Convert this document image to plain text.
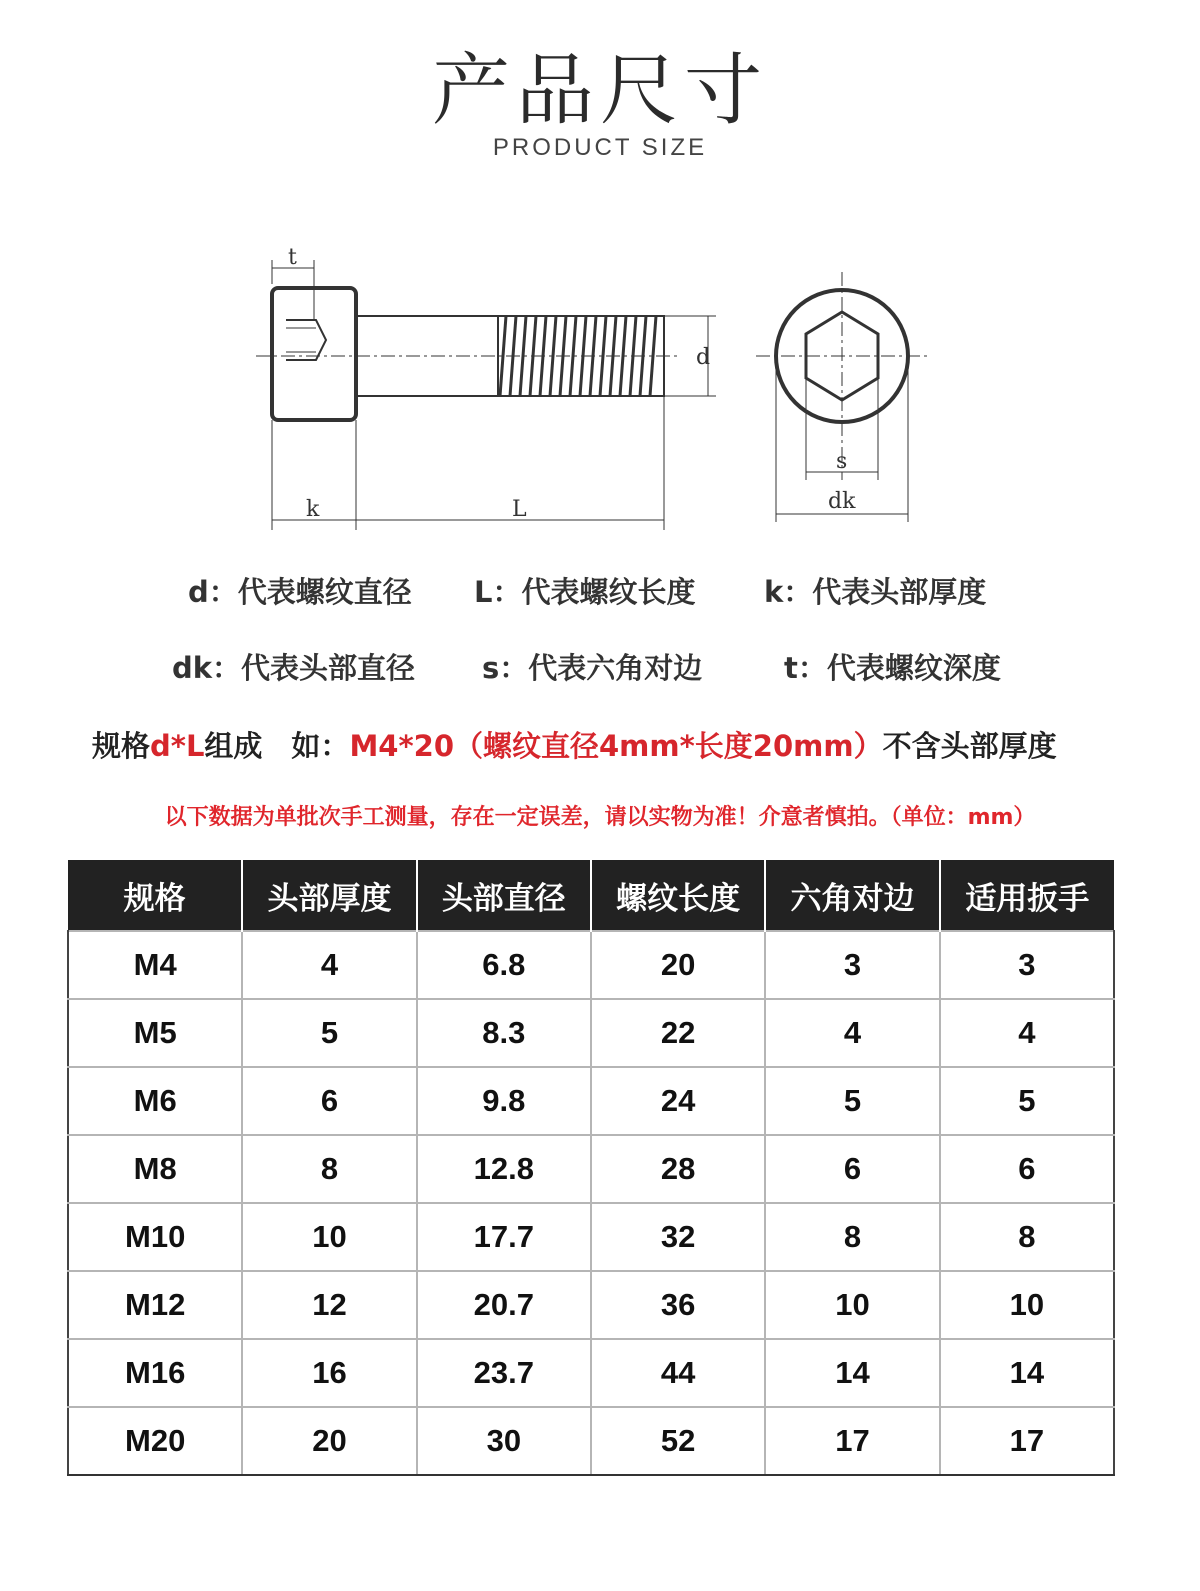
产品尺寸
PRODUCT SIZE
t
d
k	L
s
dk
d：代表螺纹直径 L：代表螺纹长度 k：代表头部厚度
dk：代表头部直径 s：代表六角对边	t：代表螺纹深度
规格d*L组成　如：M4*20（螺纹直径4mm*长度20mm）不含头部厚度
以下数据为单批次手工测量，存在一定误差，请以实物为准！介意者慎拍。（单位：mm）
规格	头部厚度	头部直径	螺纹长度	六角对边	适用扳手
M4	4	6.8	20	3	3
M5	5	8.3	22	4	4
M6	6	9.8	24	5	5
M8	8	12.8	28	6	6
M10	10	17.7	32	8	8
M12	12	20.7	36	10	10
M16	16	23.7	44	14	14
M20	20	30	52	17	17
